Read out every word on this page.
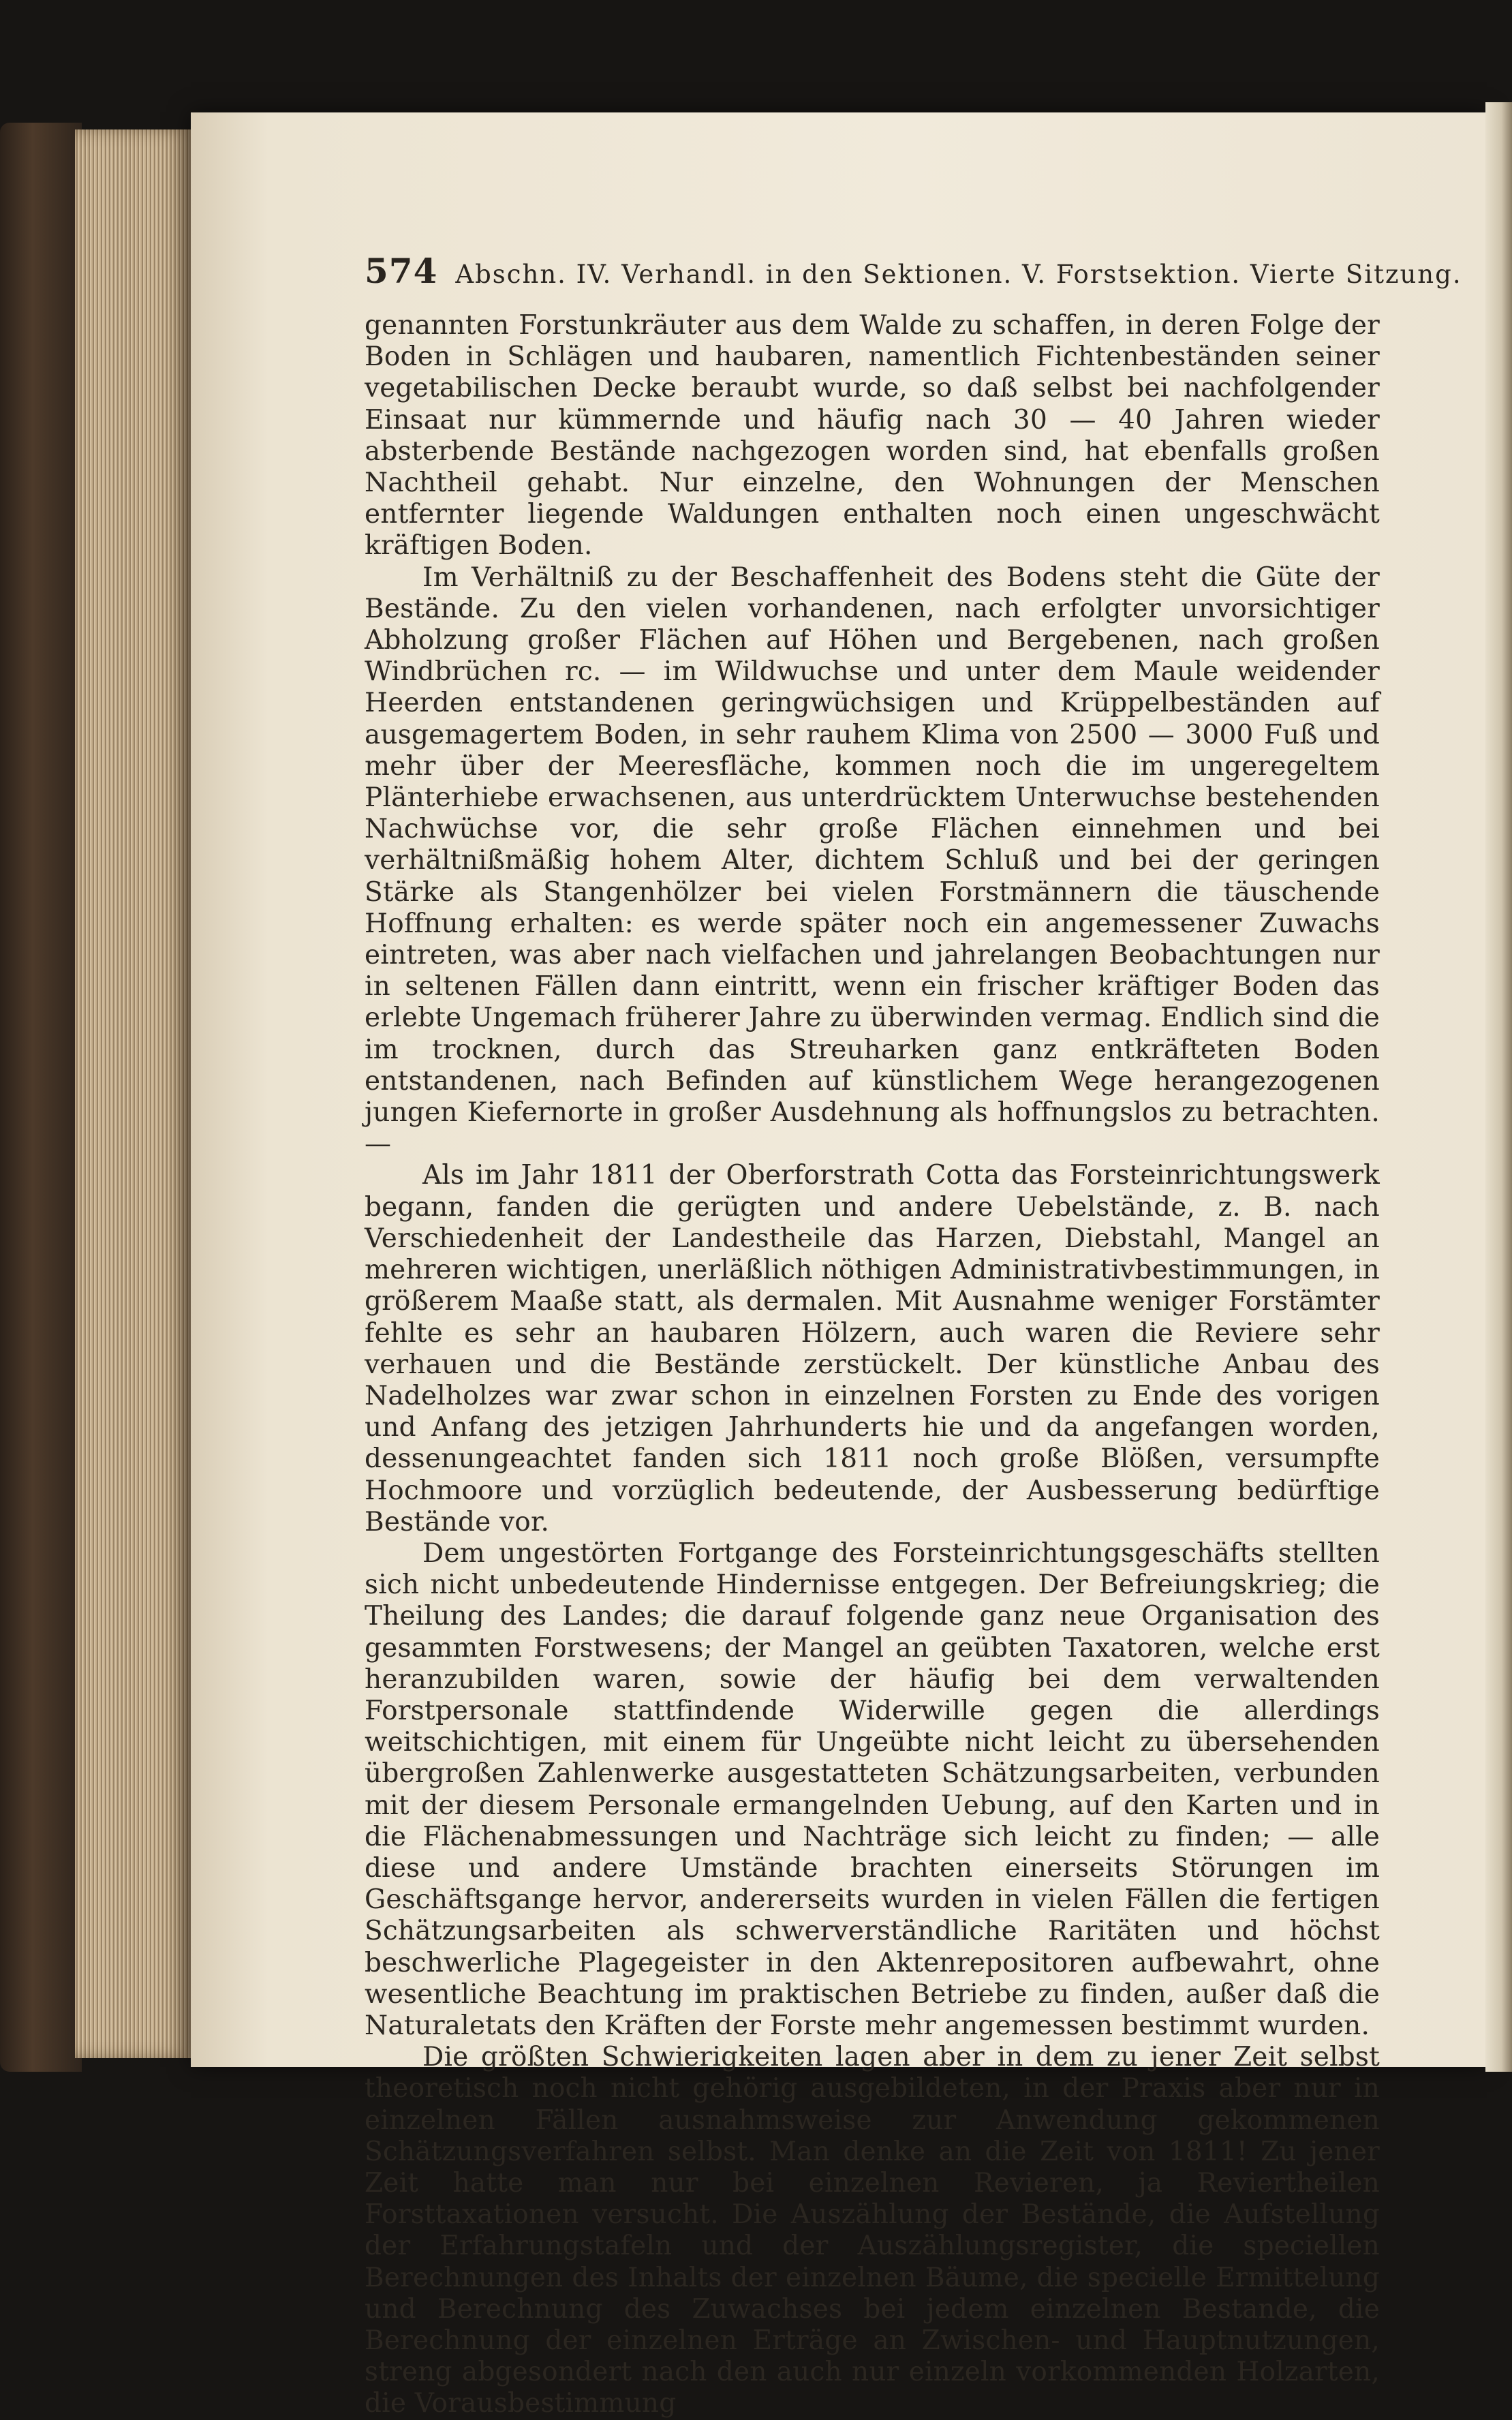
574 Abschn. IV. Verhandl. in den Sektionen. V. Forstsektion. Vierte Sitzung.

genannten Forstunkräuter aus dem Walde zu schaffen, in deren Folge der Boden in Schlägen und haubaren, namentlich Fichtenbeständen seiner vegetabilischen Decke beraubt wurde, so daß selbst bei nachfolgender Einsaat nur kümmernde und häufig nach 30 — 40 Jahren wieder absterbende Bestände nachgezogen worden sind, hat ebenfalls großen Nachtheil gehabt. Nur einzelne, den Wohnungen der Menschen entfernter liegende Waldungen enthalten noch einen ungeschwächt kräftigen Boden.

Im Verhältniß zu der Beschaffenheit des Bodens steht die Güte der Bestände. Zu den vielen vorhandenen, nach erfolgter unvorsichtiger Abholzung großer Flächen auf Höhen und Bergebenen, nach großen Windbrüchen rc. — im Wildwuchse und unter dem Maule weidender Heerden entstandenen geringwüchsigen und Krüppelbeständen auf ausgemagertem Boden, in sehr rauhem Klima von 2500 — 3000 Fuß und mehr über der Meeresfläche, kommen noch die im ungeregeltem Plänterhiebe erwachsenen, aus unterdrücktem Unterwuchse bestehenden Nachwüchse vor, die sehr große Flächen einnehmen und bei verhältnißmäßig hohem Alter, dichtem Schluß und bei der geringen Stärke als Stangenhölzer bei vielen Forstmännern die täuschende Hoffnung erhalten: es werde später noch ein angemessener Zuwachs eintreten, was aber nach vielfachen und jahrelangen Beobachtungen nur in seltenen Fällen dann eintritt, wenn ein frischer kräftiger Boden das erlebte Ungemach früherer Jahre zu überwinden vermag. Endlich sind die im trocknen, durch das Streuharken ganz entkräfteten Boden entstandenen, nach Befinden auf künstlichem Wege herangezogenen jungen Kiefernorte in großer Ausdehnung als hoffnungslos zu betrachten. —

Als im Jahr 1811 der Oberforstrath Cotta das Forsteinrichtungswerk begann, fanden die gerügten und andere Uebelstände, z. B. nach Verschiedenheit der Landestheile das Harzen, Diebstahl, Mangel an mehreren wichtigen, unerläßlich nöthigen Administrativbestimmungen, in größerem Maaße statt, als dermalen. Mit Ausnahme weniger Forstämter fehlte es sehr an haubaren Hölzern, auch waren die Reviere sehr verhauen und die Bestände zerstückelt. Der künstliche Anbau des Nadelholzes war zwar schon in einzelnen Forsten zu Ende des vorigen und Anfang des jetzigen Jahrhunderts hie und da angefangen worden, dessenungeachtet fanden sich 1811 noch große Blößen, versumpfte Hochmoore und vorzüglich bedeutende, der Ausbesserung bedürftige Bestände vor.

Dem ungestörten Fortgange des Forsteinrichtungsgeschäfts stellten sich nicht unbedeutende Hindernisse entgegen. Der Befreiungskrieg; die Theilung des Landes; die darauf folgende ganz neue Organisation des gesammten Forstwesens; der Mangel an geübten Taxatoren, welche erst heranzubilden waren, sowie der häufig bei dem verwaltenden Forstpersonale stattfindende Widerwille gegen die allerdings weitschichtigen, mit einem für Ungeübte nicht leicht zu übersehenden übergroßen Zahlenwerke ausgestatteten Schätzungsarbeiten, verbunden mit der diesem Personale ermangelnden Uebung, auf den Karten und in die Flächenabmessungen und Nachträge sich leicht zu finden; — alle diese und andere Umstände brachten einerseits Störungen im Geschäftsgange hervor, andererseits wurden in vielen Fällen die fertigen Schätzungsarbeiten als schwerverständliche Raritäten und höchst beschwerliche Plagegeister in den Aktenrepositoren aufbewahrt, ohne wesentliche Beachtung im praktischen Betriebe zu finden, außer daß die Naturaletats den Kräften der Forste mehr angemessen bestimmt wurden.

Die größten Schwierigkeiten lagen aber in dem zu jener Zeit selbst theoretisch noch nicht gehörig ausgebildeten, in der Praxis aber nur in einzelnen Fällen ausnahmsweise zur Anwendung gekommenen Schätzungsverfahren selbst. Man denke an die Zeit von 1811! Zu jener Zeit hatte man nur bei einzelnen Revieren, ja Reviertheilen Forsttaxationen versucht. Die Auszählung der Bestände, die Aufstellung der Erfahrungstafeln und der Auszählungsregister, die speciellen Berechnungen des Inhalts der einzelnen Bäume, die specielle Ermittelung und Berechnung des Zuwachses bei jedem einzelnen Bestande, die Berechnung der einzelnen Erträge an Zwischen- und Hauptnutzungen, streng abgesondert nach den auch nur einzeln vorkommenden Holzarten, die Vorausbestimmung
